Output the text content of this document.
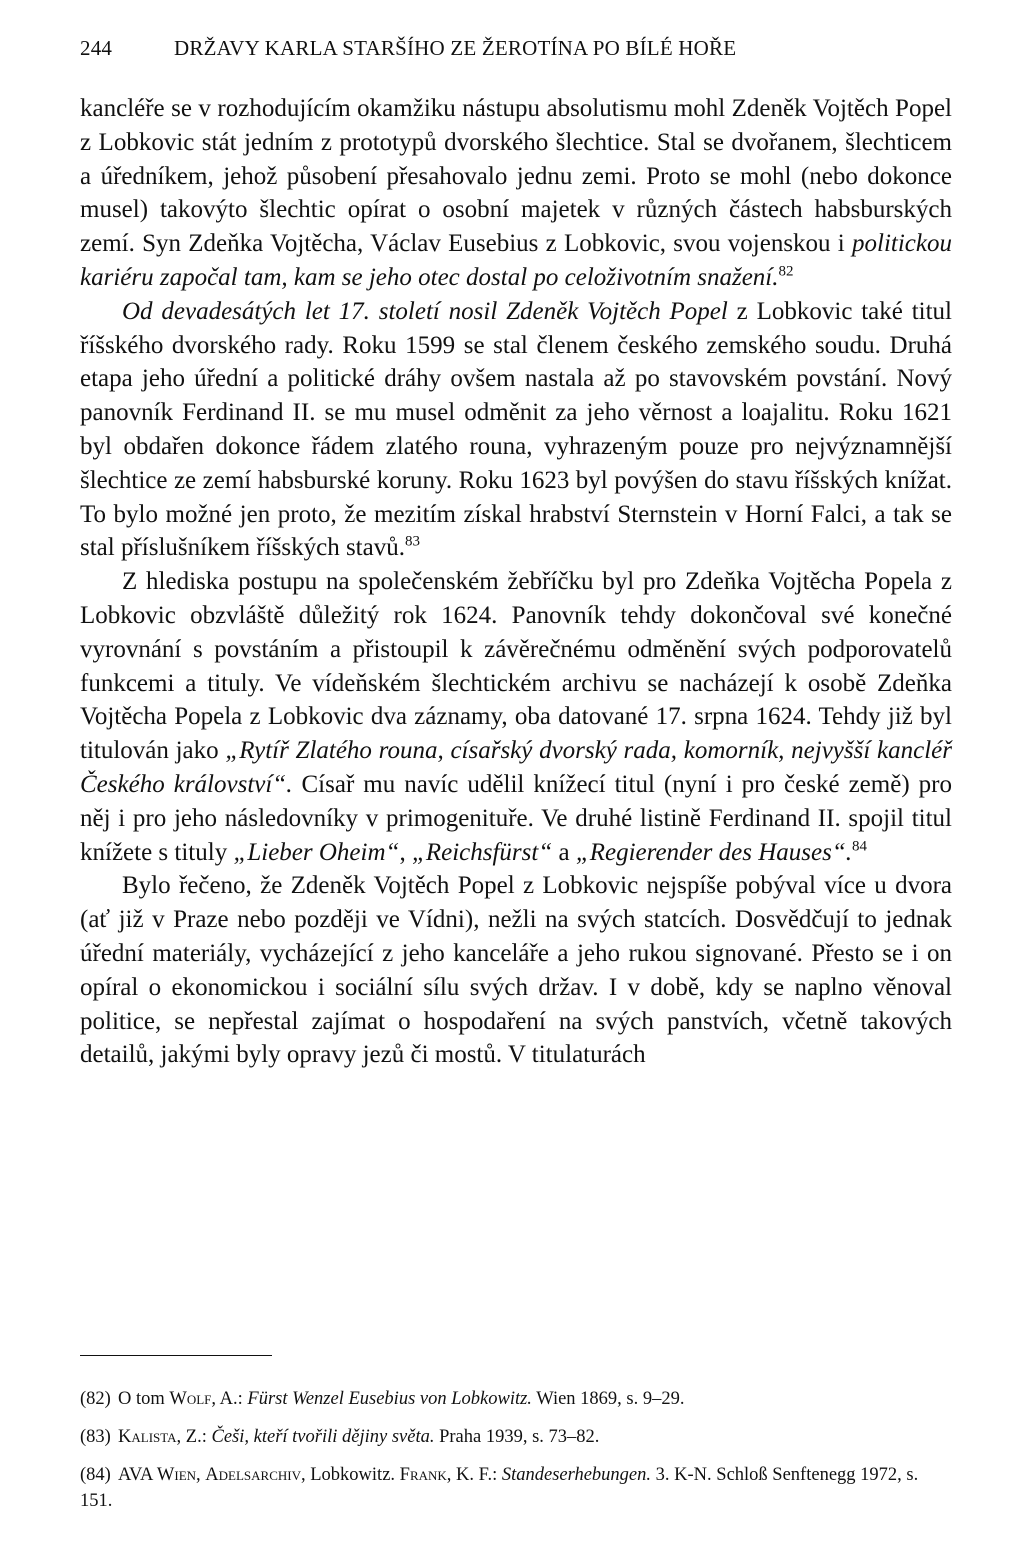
244	DRŽAVY KARLA STARŠÍHO ZE ŽEROTÍNA PO BÍLÉ HOŘE

kancléře se v rozhodujícím okamžiku nástupu absolutismu mohl Zdeněk Vojtěch Popel z Lobkovic stát jedním z prototypů dvorského šlechtice. Stal se dvořanem, šlechticem a úředníkem, jehož působení přesahovalo jednu zemi. Proto se mohl (nebo dokonce musel) takovýto šlechtic opírat o osobní majetek v různých částech habsburských zemí. Syn Zdeňka Vojtěcha, Václav Eusebius z Lobkovic, svou vojenskou i politickou kariéru započal tam, kam se jeho otec dostal po celoživotním snažení.$^{82}$

Od devadesátých let 17. století nosil Zdeněk Vojtěch Popel z Lobkovic také titul říšského dvorského rady. Roku 1599 se stal členem českého zemského soudu. Druhá etapa jeho úřední a politické dráhy ovšem nastala až po stavovském povstání. Nový panovník Ferdinand II. se mu musel odměnit za jeho věrnost a loajalitu. Roku 1621 byl obdařen dokonce řádem zlatého rouna, vyhrazeným pouze pro nejvýznamnější šlechtice ze zemí habsburské koruny. Roku 1623 byl povýšen do stavu říšských knížat. To bylo možné jen proto, že mezitím získal hrabství Sternstein v Horní Falci, a tak se stal příslušníkem říšských stavů.$^{83}$

Z hlediska postupu na společenském žebříčku byl pro Zdeňka Vojtěcha Popela z Lobkovic obzvláště důležitý rok 1624. Panovník tehdy dokončoval své konečné vyrovnání s povstáním a přistoupil k závěrečnému odměnění svých podporovatelů funkcemi a tituly. Ve vídeňském šlechtickém archivu se nacházejí k osobě Zdeňka Vojtěcha Popela z Lobkovic dva záznamy, oba datované 17. srpna 1624. Tehdy již byl titulován jako „Rytíř Zlatého rouna, císařský dvorský rada, komorník, nejvyšší kancléř Českého království“. Císař mu navíc udělil knížecí titul (nyní i pro české země) pro něj i pro jeho následovníky v primogenituře. Ve druhé listině Ferdinand II. spojil titul knížete s tituly „Lieber Oheim“, „Reichsfürst“ a „Regierender des Hauses“.$^{84}$

Bylo řečeno, že Zdeněk Vojtěch Popel z Lobkovic nejspíše pobýval více u dvora (ať již v Praze nebo později ve Vídni), nežli na svých statcích. Dosvědčují to jednak úřední materiály, vycházející z jeho kanceláře a jeho rukou signované. Přesto se i on opíral o ekonomickou i sociální sílu svých držav. I v době, kdy se naplno věnoval politice, se nepřestal zajímat o hospodaření na svých panstvích, včetně takových detailů, jakými byly opravy jezů či mostů. V titulaturách

(82) O tom Wolf, A.: Fürst Wenzel Eusebius von Lobkowitz. Wien 1869, s. 9–29.

(83) Kalista, Z.: Češi, kteří tvořili dějiny světa. Praha 1939, s. 73–82.

(84) AVA Wien, Adelsarchiv, Lobkowitz. Frank, K. F.: Standeserhebungen. 3. K-N. Schloß Senftenegg 1972, s. 151.
